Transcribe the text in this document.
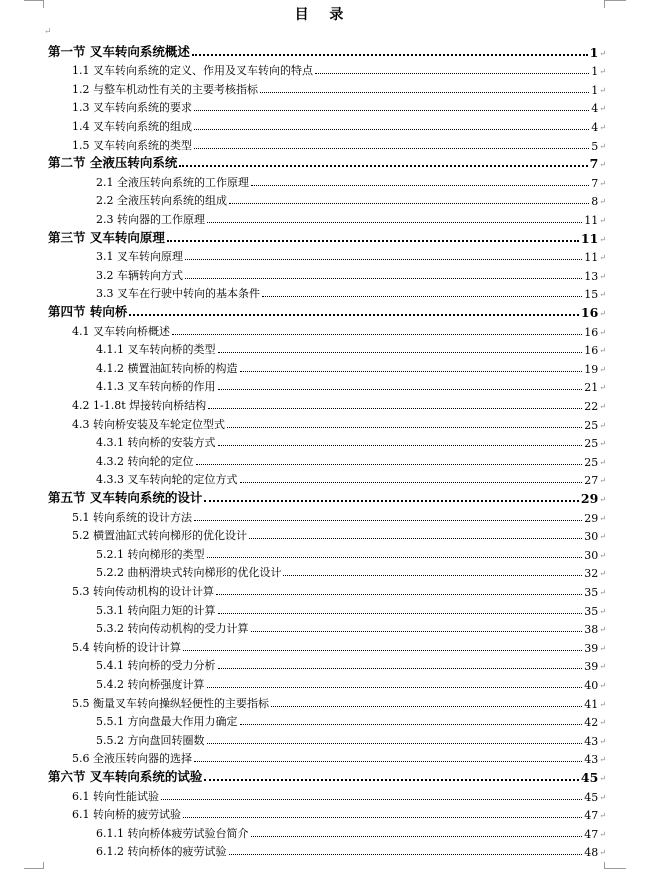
目 录
↵
第一节 叉车转向系统概述	1 ↵
1.1 叉车转向系统的定义、作用及叉车转向的特点	1 ↵
1.2 与整车机动性有关的主要考核指标	1 ↵
1.3 叉车转向系统的要求	4 ↵
1.4 叉车转向系统的组成	4 ↵
1.5 叉车转向系统的类型	5 ↵
第二节 全液压转向系统	7 ↵
2.1 全液压转向系统的工作原理	7 ↵
2.2 全液压转向系统的组成	8 ↵
2.3 转向器的工作原理	11 ↵
第三节 叉车转向原理	11 ↵
3.1 叉车转向原理	11 ↵
3.2 车辆转向方式	13 ↵
3.3 叉车在行驶中转向的基本条件	15 ↵
第四节 转向桥	16 ↵
4.1 叉车转向桥概述	16 ↵
4.1.1 叉车转向桥的类型	16 ↵
4.1.2 横置油缸转向桥的构造	19 ↵
4.1.3 叉车转向桥的作用	21 ↵
4.2 1-1.8t 焊接转向桥结构	22 ↵
4.3 转向桥安装及车轮定位型式	25 ↵
4.3.1 转向桥的安装方式	25 ↵
4.3.2 转向轮的定位	25 ↵
4.3.3 叉车转向轮的定位方式	27 ↵
第五节 叉车转向系统的设计	29 ↵
5.1 转向系统的设计方法	29 ↵
5.2 横置油缸式转向梯形的优化设计	30 ↵
5.2.1 转向梯形的类型	30 ↵
5.2.2 曲柄滑块式转向梯形的优化设计	32 ↵
5.3 转向传动机构的设计计算	35 ↵
5.3.1 转向阻力矩的计算	35 ↵
5.3.2 转向传动机构的受力计算	38 ↵
5.4 转向桥的设计计算	39 ↵
5.4.1 转向桥的受力分析	39 ↵
5.4.2 转向桥强度计算	40 ↵
5.5 衡量叉车转向操纵轻便性的主要指标	41 ↵
5.5.1 方向盘最大作用力确定	42 ↵
5.5.2 方向盘回转圈数	43 ↵
5.6 全液压转向器的选择	43 ↵
第六节 叉车转向系统的试验	45 ↵
6.1 转向性能试验	45 ↵
6.1 转向桥的疲劳试验	47 ↵
6.1.1 转向桥体疲劳试验台简介	47 ↵
6.1.2 转向桥体的疲劳试验	48 ↵
